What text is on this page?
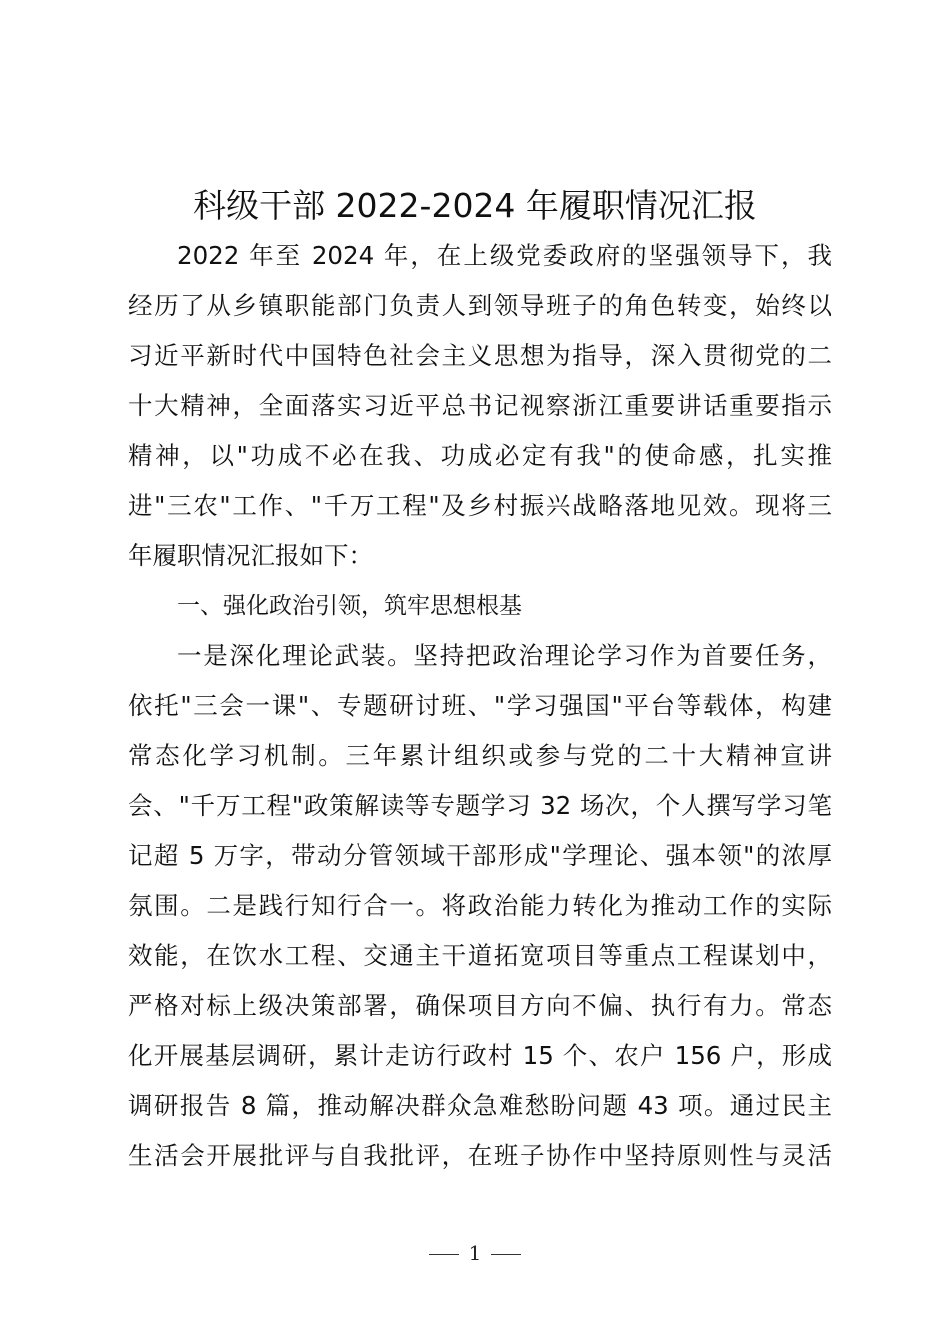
科级干部 2022-2024 年履职情况汇报
2022 年至 2024 年，在上级党委政府的坚强领导下，我
经历了从乡镇职能部门负责人到领导班子的角色转变，始终以
习近平新时代中国特色社会主义思想为指导，深入贯彻党的二
十大精神，全面落实习近平总书记视察浙江重要讲话重要指示
精神，以"功成不必在我、功成必定有我"的使命感，扎实推
进"三农"工作、"千万工程"及乡村振兴战略落地见效。现将三
年履职情况汇报如下：
一、强化政治引领，筑牢思想根基
一是深化理论武装。坚持把政治理论学习作为首要任务，
依托"三会一课"、专题研讨班、"学习强国"平台等载体，构建
常态化学习机制。三年累计组织或参与党的二十大精神宣讲
会、"千万工程"政策解读等专题学习 32 场次，个人撰写学习笔
记超 5 万字，带动分管领域干部形成"学理论、强本领"的浓厚
氛围。二是践行知行合一。将政治能力转化为推动工作的实际
效能，在饮水工程、交通主干道拓宽项目等重点工程谋划中，
严格对标上级决策部署，确保项目方向不偏、执行有力。常态
化开展基层调研，累计走访行政村 15 个、农户 156 户，形成
调研报告 8 篇，推动解决群众急难愁盼问题 43 项。通过民主
生活会开展批评与自我批评，在班子协作中坚持原则性与灵活
1
